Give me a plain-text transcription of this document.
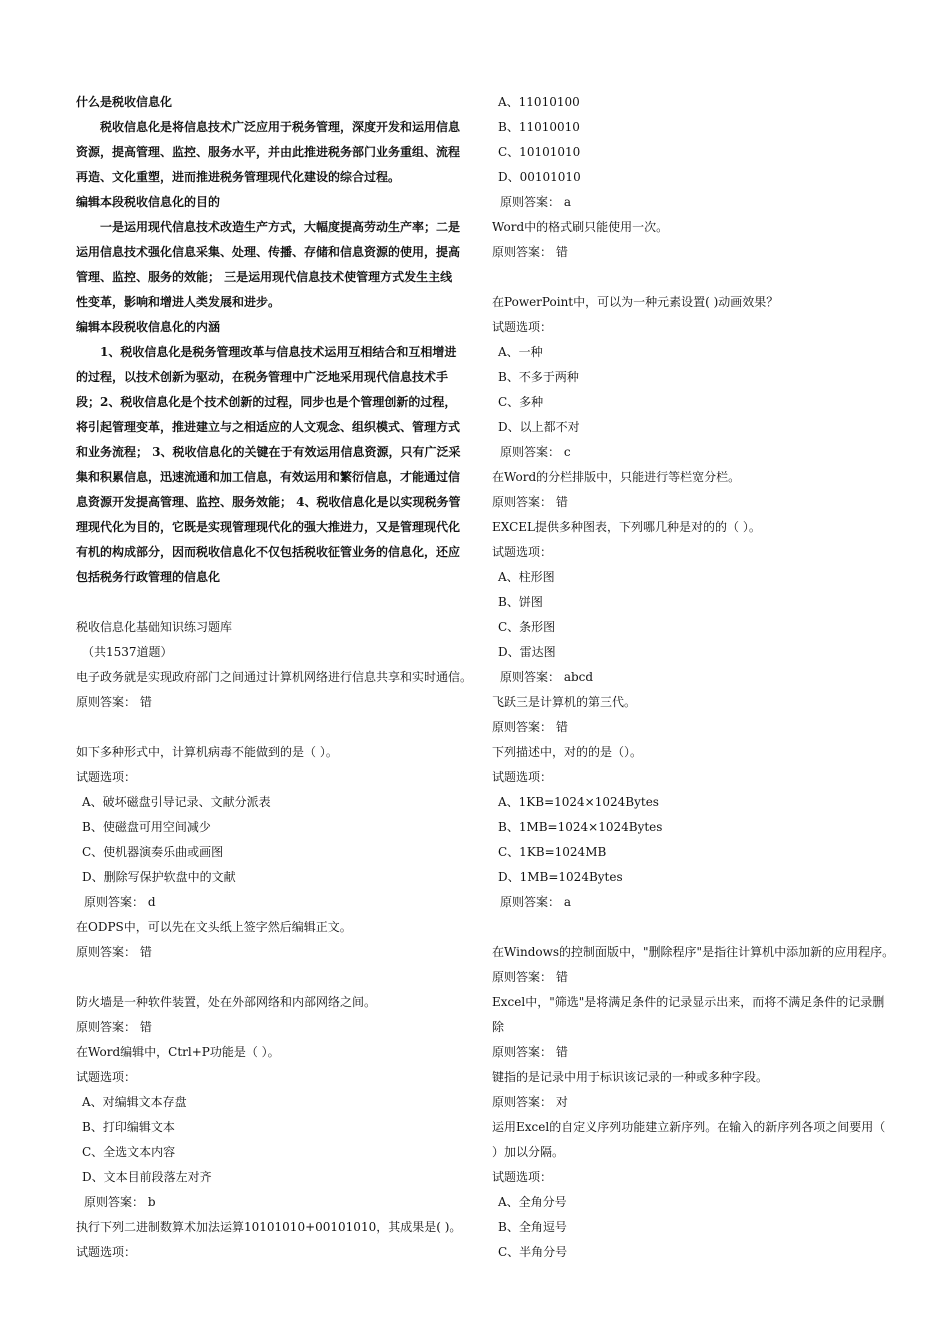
什么是税收信息化
税收信息化是将信息技术广泛应用于税务管理，深度开发和运用信息资源，提高管理、监控、服务水平，并由此推进税务部门业务重组、流程再造、文化重塑，进而推进税务管理现代化建设的综合过程。
编辑本段税收信息化的目的
一是运用现代信息技术改造生产方式，大幅度提高劳动生产率；二是运用信息技术强化信息采集、处理、传播、存储和信息资源的使用，提高管理、监控、服务的效能； 三是运用现代信息技术使管理方式发生主线性变革，影响和增进人类发展和进步。
编辑本段税收信息化的内涵
1、税收信息化是税务管理改革与信息技术运用互相结合和互相增进的过程，以技术创新为驱动，在税务管理中广泛地采用现代信息技术手段；2、税收信息化是个技术创新的过程，同步也是个管理创新的过程，将引起管理变革，推进建立与之相适应的人文观念、组织模式、管理方式和业务流程； 3、税收信息化的关键在于有效运用信息资源，只有广泛采集和积累信息，迅速流通和加工信息，有效运用和繁衍信息，才能通过信息资源开发提高管理、监控、服务效能； 4、税收信息化是以实现税务管理现代化为目的，它既是实现管理现代化的强大推进力，又是管理现代化有机的构成部分，因而税收信息化不仅包括税收征管业务的信息化，还应包括税务行政管理的信息化
税收信息化基础知识练习题库
（共1537道题）
电子政务就是实现政府部门之间通过计算机网络进行信息共享和实时通信。
原则答案： 错
如下多种形式中，计算机病毒不能做到的是（ ）。
试题选项：
A、破坏磁盘引导记录、文献分派表
B、使磁盘可用空间减少
C、使机器演奏乐曲或画图
D、删除写保护软盘中的文献
原则答案： d
在ODPS中，可以先在文头纸上签字然后编辑正文。
原则答案： 错
防火墙是一种软件装置，处在外部网络和内部网络之间。
原则答案： 错
在Word编辑中，Ctrl+P功能是（ ）。
试题选项：
A、对编辑文本存盘
B、打印编辑文本
C、全选文本内容
D、文本目前段落左对齐
原则答案： b
执行下列二进制数算术加法运算10101010+00101010，其成果是( )。
试题选项：
A、11010100
B、11010010
C、10101010
D、00101010
原则答案： a
Word中的格式刷只能使用一次。
原则答案： 错
在PowerPoint中，可以为一种元素设置( )动画效果？
试题选项：
A、一种
B、不多于两种
C、多种
D、以上都不对
原则答案： c
在Word的分栏排版中，只能进行等栏宽分栏。
原则答案： 错
EXCEL提供多种图表，下列哪几种是对的的（ ）。
试题选项：
A、柱形图
B、饼图
C、条形图
D、雷达图
原则答案： abcd
飞跃三是计算机的第三代。
原则答案： 错
下列描述中，对的的是（）。
试题选项：
A、1KB=1024×1024Bytes
B、1MB=1024×1024Bytes
C、1KB=1024MB
D、1MB=1024Bytes
原则答案： a
在Windows的控制面版中，"删除程序"是指往计算机中添加新的应用程序。
原则答案： 错
Excel中，"筛选"是将满足条件的记录显示出来，而将不满足条件的记录删
除
原则答案： 错
键指的是记录中用于标识该记录的一种或多种字段。
原则答案： 对
运用Excel的自定义序列功能建立新序列。在输入的新序列各项之间要用（
）加以分隔。
试题选项：
A、全角分号
B、全角逗号
C、半角分号
